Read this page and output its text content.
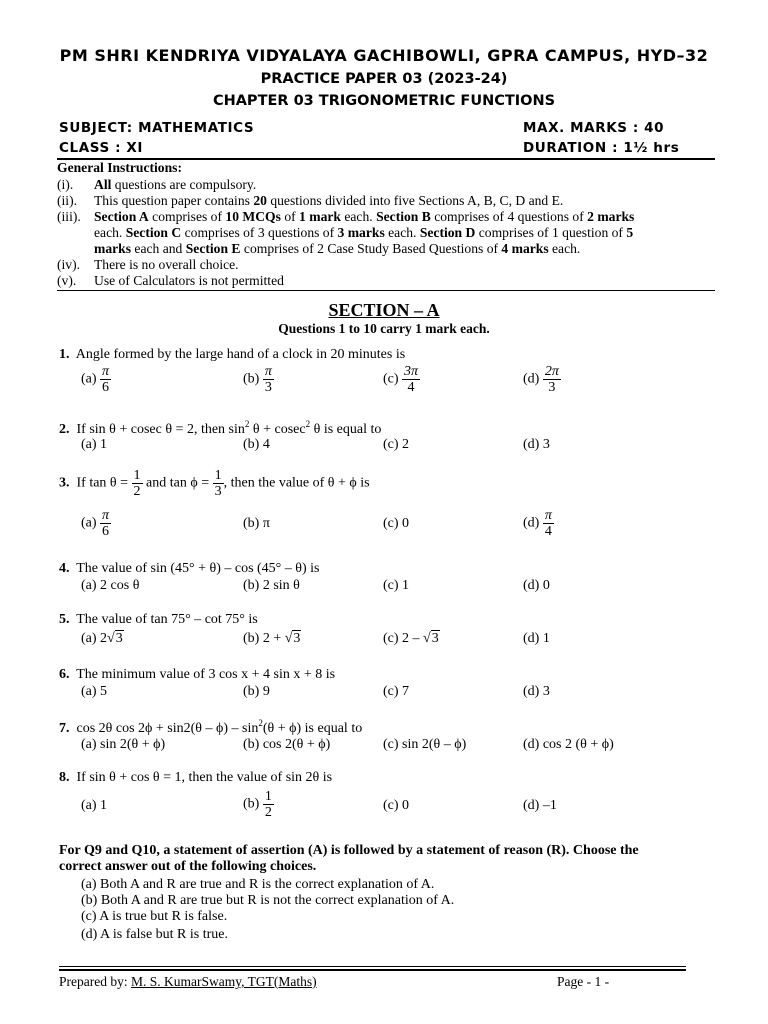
PM SHRI KENDRIYA VIDYALAYA GACHIBOWLI, GPRA CAMPUS, HYD–32
PRACTICE PAPER 03 (2023-24)
CHAPTER 03 TRIGONOMETRIC FUNCTIONS
SUBJECT: MATHEMATICS	MAX. MARKS : 40
CLASS : XI	DURATION : 1½ hrs
General Instructions:
(i). All questions are compulsory.
(ii). This question paper contains 20 questions divided into five Sections A, B, C, D and E.
(iii). Section A comprises of 10 MCQs of 1 mark each. Section B comprises of 4 questions of 2 marks
each. Section C comprises of 3 questions of 3 marks each. Section D comprises of 1 question of 5
marks each and Section E comprises of 2 Case Study Based Questions of 4 marks each.
(iv). There is no overall choice.
(v). Use of Calculators is not permitted
SECTION – A
Questions 1 to 10 carry 1 mark each.
1. Angle formed by the large hand of a clock in 20 minutes is
$(a) \frac{\pi}{6}$	$(b) \frac{\pi}{3}$	$(c) \frac{3\pi}{4}$	$(d) \frac{2\pi}{3}$
2. If sin θ + cosec θ = 2, then $\sin^2 \theta + cosec^2$ θ is equal to
(a) 1	(b) 4	(c) 2	(d) 3
3. If $\tan \theta = \frac{1}{2}$ and $\tan \phi = \frac{1}{3}$ , then the value of θ + ϕ is
$(a) \frac{\pi}{6}$	(b) π	(c) 0	$(d) \frac{\pi}{4}$
4. The value of sin (45° + θ) – cos (45° – θ) is
(a) 2 cos θ	(b) 2 sin θ	(c) 1	(d) 0
5. The value of tan 75° – cot 75° is
(a) 2√3	(b) 2 + √3	(c) 2 – √3	(d) 1
6. The minimum value of 3 cos x + 4 sin x + 8 is
(a) 5	(b) 9	(c) 7	(d) 3
7. cos 2θ $\cos 2\phi + \sin 2(\theta - \phi) - \sin^2(\theta + \phi)$ is equal to
(a) sin 2(θ + ϕ)	(b) cos 2(θ + ϕ)	(c) sin 2(θ – ϕ)	(d) cos 2 (θ + ϕ)
8. If sin θ + cos θ = 1, then the value of sin 2θ is
(a) 1	$(b) \frac{1}{2}$	(c) 0	(d) –1
For Q9 and Q10, a statement of assertion (A) is followed by a statement of reason (R). Choose the
correct answer out of the following choices.
(a) Both A and R are true and R is the correct explanation of A.
(b) Both A and R are true but R is not the correct explanation of A.
(c) A is true but R is false.
(d) A is false but R is true.
Prepared by: M. S. KumarSwamy, TGT(Maths)	Page - 1 -
